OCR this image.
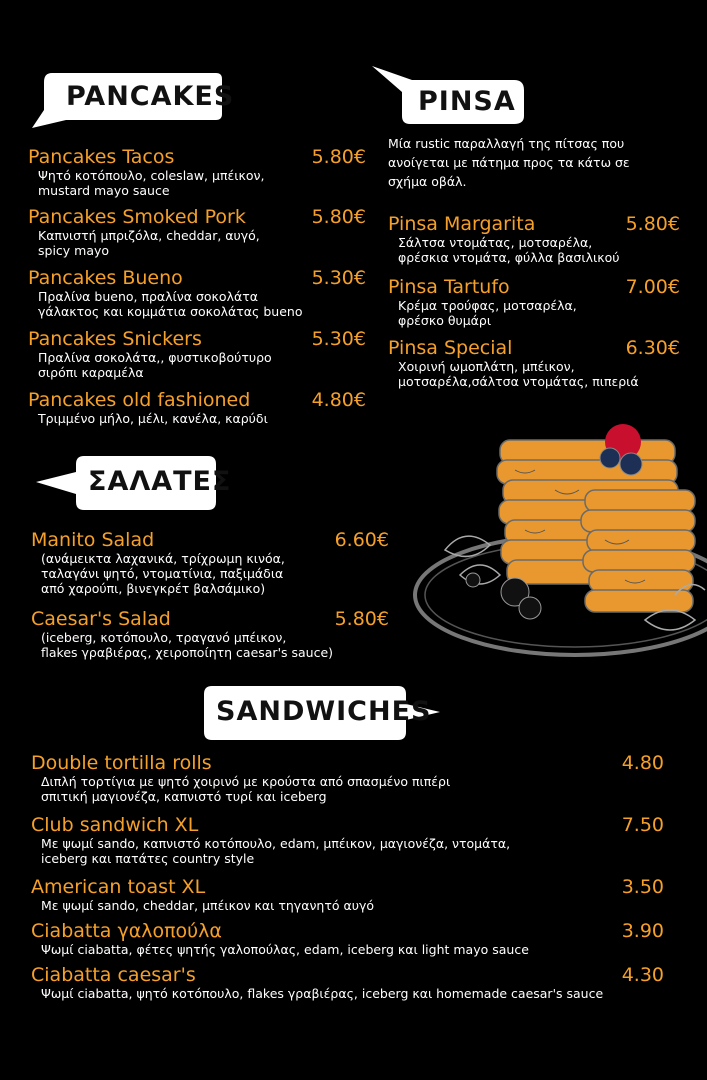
PANCAKES	PINSA
Μία rustic παραλλαγή της πίτσας που
ανοίγεται με πάτημα προς τα κάτω σε
σχήμα οβάλ.
Pancakes Tacos	5.80€
Ψητό κοτόπουλο, coleslaw, μπέικον,
mustard mayo sauce
Pancakes Smoked Pork	5.80€
Καπνιστή μπριζόλα, cheddar, αυγό,
spicy mayo
Pancakes Bueno	5.30€
Πραλίνα bueno, πραλίνα σοκολάτα
γάλακτος και κομμάτια σοκολάτας bueno
Pancakes Snickers	5.30€
Πραλίνα σοκολάτα,, φυστικοβούτυρο
σιρόπι καραμέλα
Pancakes old fashioned	4.80€
Τριμμένο μήλο, μέλι, κανέλα, καρύδι
Pinsa Margarita	5.80€
Σάλτσα ντομάτας, μοτσαρέλα,
φρέσκια ντομάτα, φύλλα βασιλικού
Pinsa Tartufo	7.00€
Κρέμα τρούφας, μοτσαρέλα,
φρέσκο θυμάρι
Pinsa Special	6.30€
Χοιρινή ωμοπλάτη, μπέικον,
μοτσαρέλα,σάλτσα ντομάτας, πιπεριά
ΣΑΛΑΤΕΣ
Manito Salad	6.60€
(ανάμεικτα λαχανικά, τρίχρωμη κινόα,
ταλαγάνι ψητό, ντοματίνια, παξιμάδια
από χαρούπι, βινεγκρέτ βαλσάμικο)
Caesar's Salad	5.80€
(iceberg, κοτόπουλο, τραγανό μπέικον,
flakes γραβιέρας, χειροποίητη caesar's sauce)
SANDWICHES
Double tortilla rolls	4.80
Διπλή τορτίγια με ψητό χοιρινό με κρούστα από σπασμένο πιπέρι
σπιτική μαγιονέζα, καπνιστό τυρί και iceberg
Club sandwich XL	7.50
Με ψωμί sando, καπνιστό κοτόπουλο, edam, μπέικον, μαγιονέζα, ντομάτα,
iceberg και πατάτες country style
American toast XL	3.50
Με ψωμί sando, cheddar, μπέικον και τηγανητό αυγό
Ciabatta γαλοπούλα	3.90
Ψωμί ciabatta, φέτες ψητής γαλοπούλας, edam, iceberg και light mayo sauce
Ciabatta caesar's	4.30
Ψωμί ciabatta, ψητό κοτόπουλο, flakes γραβιέρας, iceberg και homemade caesar's sauce
